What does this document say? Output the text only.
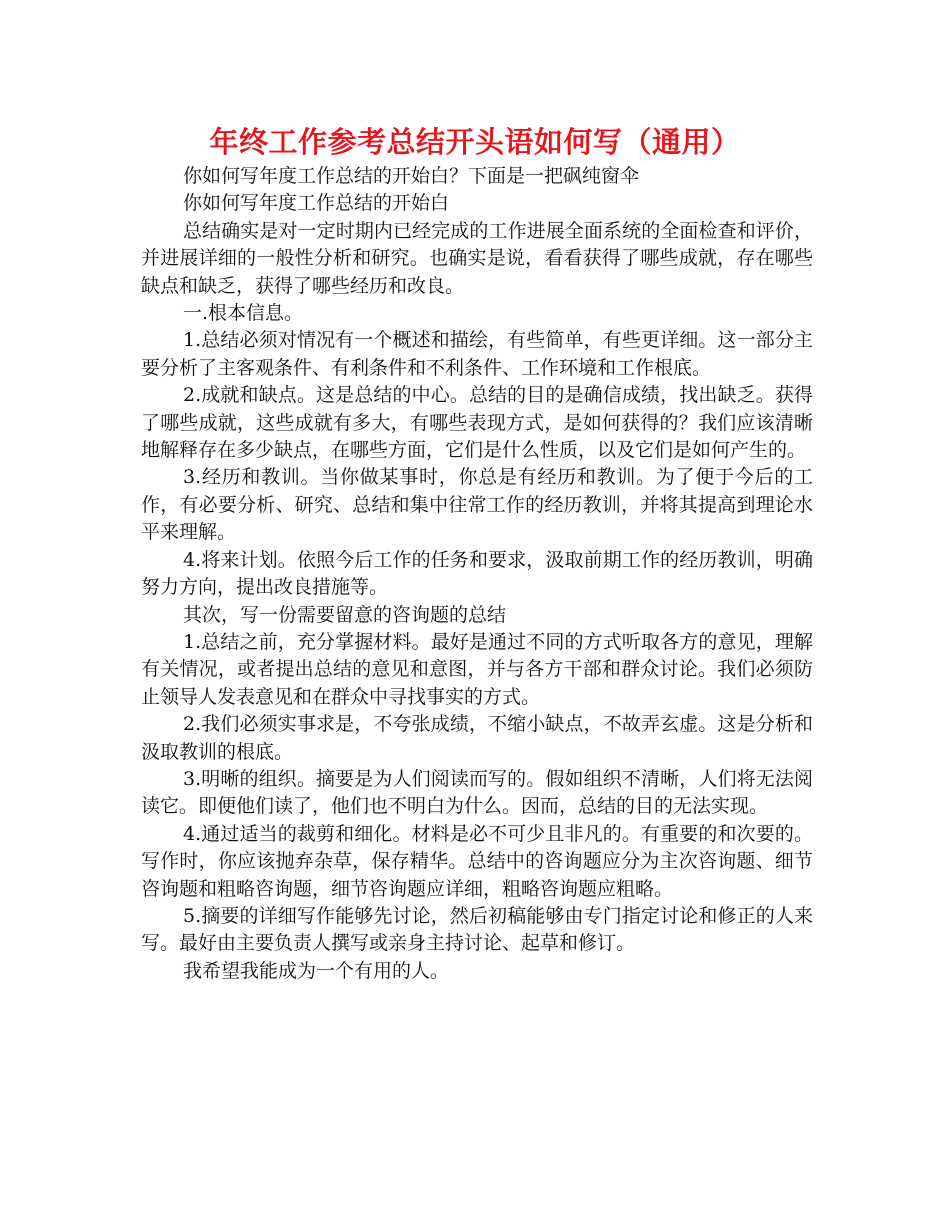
年终工作参考总结开头语如何写（通用）

你如何写年度工作总结的开始白？下面是一把砜纯窗伞

你如何写年度工作总结的开始白

总结确实是对一定时期内已经完成的工作进展全面系统的全面检查和评价，并进展详细的一般性分析和研究。也确实是说，看看获得了哪些成就，存在哪些缺点和缺乏，获得了哪些经历和改良。

一.根本信息。

1.总结必须对情况有一个概述和描绘，有些简单，有些更详细。这一部分主要分析了主客观条件、有利条件和不利条件、工作环境和工作根底。

2.成就和缺点。这是总结的中心。总结的目的是确信成绩，找出缺乏。获得了哪些成就，这些成就有多大，有哪些表现方式，是如何获得的？我们应该清晰地解释存在多少缺点，在哪些方面，它们是什么性质，以及它们是如何产生的。

3.经历和教训。当你做某事时，你总是有经历和教训。为了便于今后的工作，有必要分析、研究、总结和集中往常工作的经历教训，并将其提高到理论水平来理解。

4.将来计划。依照今后工作的任务和要求，汲取前期工作的经历教训，明确努力方向，提出改良措施等。

其次，写一份需要留意的咨询题的总结

1.总结之前，充分掌握材料。最好是通过不同的方式听取各方的意见，理解有关情况，或者提出总结的意见和意图，并与各方干部和群众讨论。我们必须防止领导人发表意见和在群众中寻找事实的方式。

2.我们必须实事求是，不夸张成绩，不缩小缺点，不故弄玄虚。这是分析和汲取教训的根底。

3.明晰的组织。摘要是为人们阅读而写的。假如组织不清晰，人们将无法阅读它。即便他们读了，他们也不明白为什么。因而，总结的目的无法实现。

4.通过适当的裁剪和细化。材料是必不可少且非凡的。有重要的和次要的。写作时，你应该抛弃杂草，保存精华。总结中的咨询题应分为主次咨询题、细节咨询题和粗略咨询题，细节咨询题应详细，粗略咨询题应粗略。

5.摘要的详细写作能够先讨论，然后初稿能够由专门指定讨论和修正的人来写。最好由主要负责人撰写或亲身主持讨论、起草和修订。

我希望我能成为一个有用的人。
